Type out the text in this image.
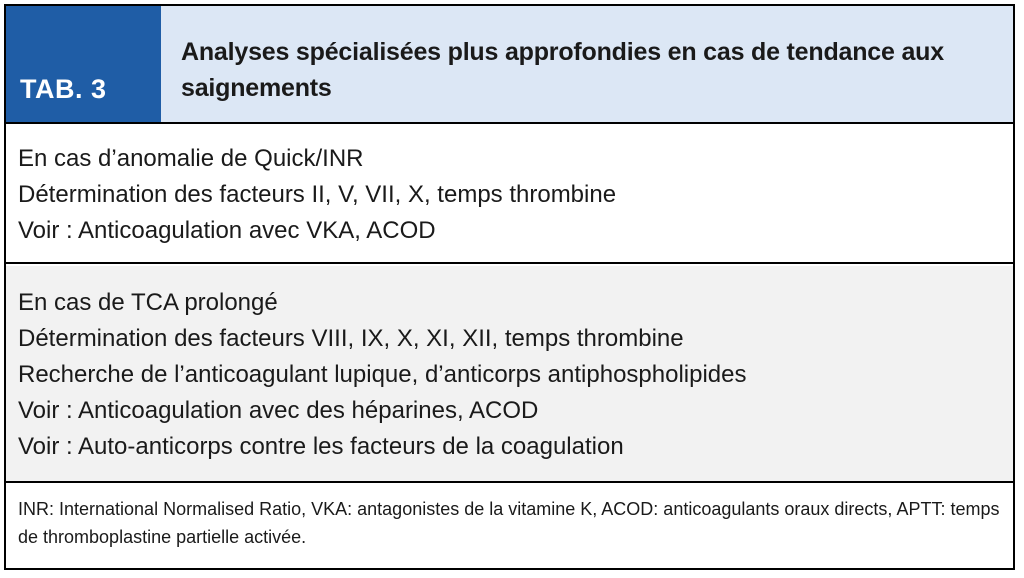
TAB. 3
Analyses spécialisées plus approfondies en cas de tendance aux saignements
En cas d’anomalie de Quick/INR
Détermination des facteurs II, V, VII, X, temps thrombine
Voir : Anticoagulation avec VKA, ACOD
En cas de TCA prolongé
Détermination des facteurs VIII, IX, X, XI, XII, temps thrombine
Recherche de l’anticoagulant lupique, d’anticorps antiphospholipides
Voir : Anticoagulation avec des héparines, ACOD
Voir : Auto-anticorps contre les facteurs de la coagulation
INR: International Normalised Ratio, VKA: antagonistes de la vitamine K, ACOD: anticoagulants oraux directs, APTT: temps de thromboplastine partielle activée.
